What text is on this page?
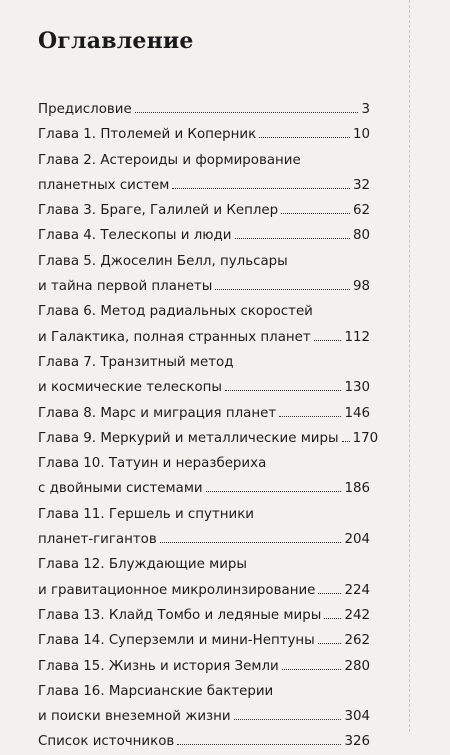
Оглавление
Предисловие	3
Глава 1. Птолемей и Коперник	10
Глава 2. Астероиды и формирование
планетных систем	32
Глава 3. Браге, Галилей и Кеплер	62
Глава 4. Телескопы и люди	80
Глава 5. Джоселин Белл, пульсары
и тайна первой планеты	98
Глава 6. Метод радиальных скоростей
и Галактика, полная странных планет	112
Глава 7. Транзитный метод
и космические телескопы	130
Глава 8. Марс и миграция планет	146
Глава 9. Меркурий и металлические миры 170
Глава 10. Татуин и неразбериха
с двойными системами	186
Глава 11. Гершель и спутники
планет-гигантов	204
Глава 12. Блуждающие миры
и гравитационное микролинзирование 224
Глава 13. Клайд Томбо и ледяные миры 242
Глава 14. Суперземли и мини-Нептуны 262
Глава 15. Жизнь и история Земли	280
Глава 16. Марсианские бактерии
и поиски внеземной жизни	304
Список источников	326
